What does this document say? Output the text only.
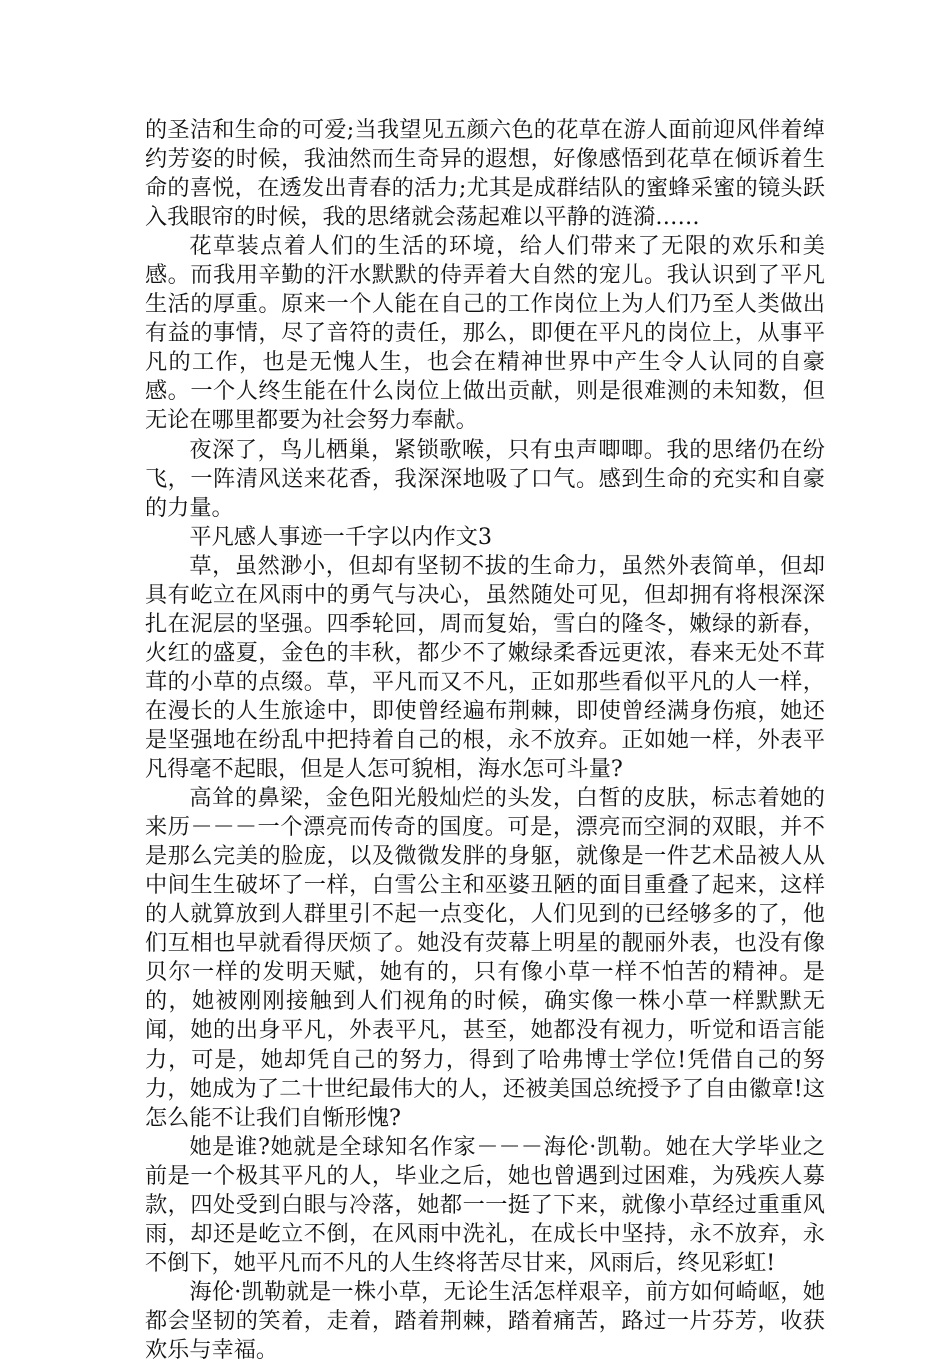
的圣洁和生命的可爱;当我望见五颜六色的花草在游人面前迎风伴着绰约芳姿的时候，我油然而生奇异的遐想，好像感悟到花草在倾诉着生命的喜悦，在透发出青春的活力;尤其是成群结队的蜜蜂采蜜的镜头跃入我眼帘的时候，我的思绪就会荡起难以平静的涟漪……

花草装点着人们的生活的环境，给人们带来了无限的欢乐和美感。而我用辛勤的汗水默默的侍弄着大自然的宠儿。我认识到了平凡生活的厚重。原来一个人能在自己的工作岗位上为人们乃至人类做出有益的事情，尽了音符的责任，那么，即便在平凡的岗位上，从事平凡的工作，也是无愧人生，也会在精神世界中产生令人认同的自豪感。一个人终生能在什么岗位上做出贡献，则是很难测的未知数，但无论在哪里都要为社会努力奉献。

夜深了，鸟儿栖巢，紧锁歌喉，只有虫声唧唧。我的思绪仍在纷飞，一阵清风送来花香，我深深地吸了口气。感到生命的充实和自豪的力量。

平凡感人事迹一千字以内作文3

草，虽然渺小，但却有坚韧不拔的生命力，虽然外表简单，但却具有屹立在风雨中的勇气与决心，虽然随处可见，但却拥有将根深深扎在泥层的坚强。四季轮回，周而复始，雪白的隆冬，嫩绿的新春，火红的盛夏，金色的丰秋，都少不了嫩绿柔香远更浓，春来无处不茸茸的小草的点缀。草，平凡而又不凡，正如那些看似平凡的人一样，在漫长的人生旅途中，即使曾经遍布荆棘，即使曾经满身伤痕，她还是坚强地在纷乱中把持着自己的根，永不放弃。正如她一样，外表平凡得毫不起眼，但是人怎可貌相，海水怎可斗量?

高耸的鼻梁，金色阳光般灿烂的头发，白皙的皮肤，标志着她的来历－－－一个漂亮而传奇的国度。可是，漂亮而空洞的双眼，并不是那么完美的脸庞，以及微微发胖的身躯，就像是一件艺术品被人从中间生生破坏了一样，白雪公主和巫婆丑陋的面目重叠了起来，这样的人就算放到人群里引不起一点变化，人们见到的已经够多的了，他们互相也早就看得厌烦了。她没有荧幕上明星的靓丽外表，也没有像贝尔一样的发明天赋，她有的，只有像小草一样不怕苦的精神。是的，她被刚刚接触到人们视角的时候，确实像一株小草一样默默无闻，她的出身平凡，外表平凡，甚至，她都没有视力，听觉和语言能力，可是，她却凭自己的努力，得到了哈弗博士学位!凭借自己的努力，她成为了二十世纪最伟大的人，还被美国总统授予了自由徽章!这怎么能不让我们自惭形愧?

她是谁?她就是全球知名作家－－－海伦·凯勒。她在大学毕业之前是一个极其平凡的人，毕业之后，她也曾遇到过困难，为残疾人募款，四处受到白眼与冷落，她都一一挺了下来，就像小草经过重重风雨，却还是屹立不倒，在风雨中洗礼，在成长中坚持，永不放弃，永不倒下，她平凡而不凡的人生终将苦尽甘来，风雨后，终见彩虹!

海伦·凯勒就是一株小草，无论生活怎样艰辛，前方如何崎岖，她都会坚韧的笑着，走着，踏着荆棘，踏着痛苦，路过一片芬芳，收获欢乐与幸福。
